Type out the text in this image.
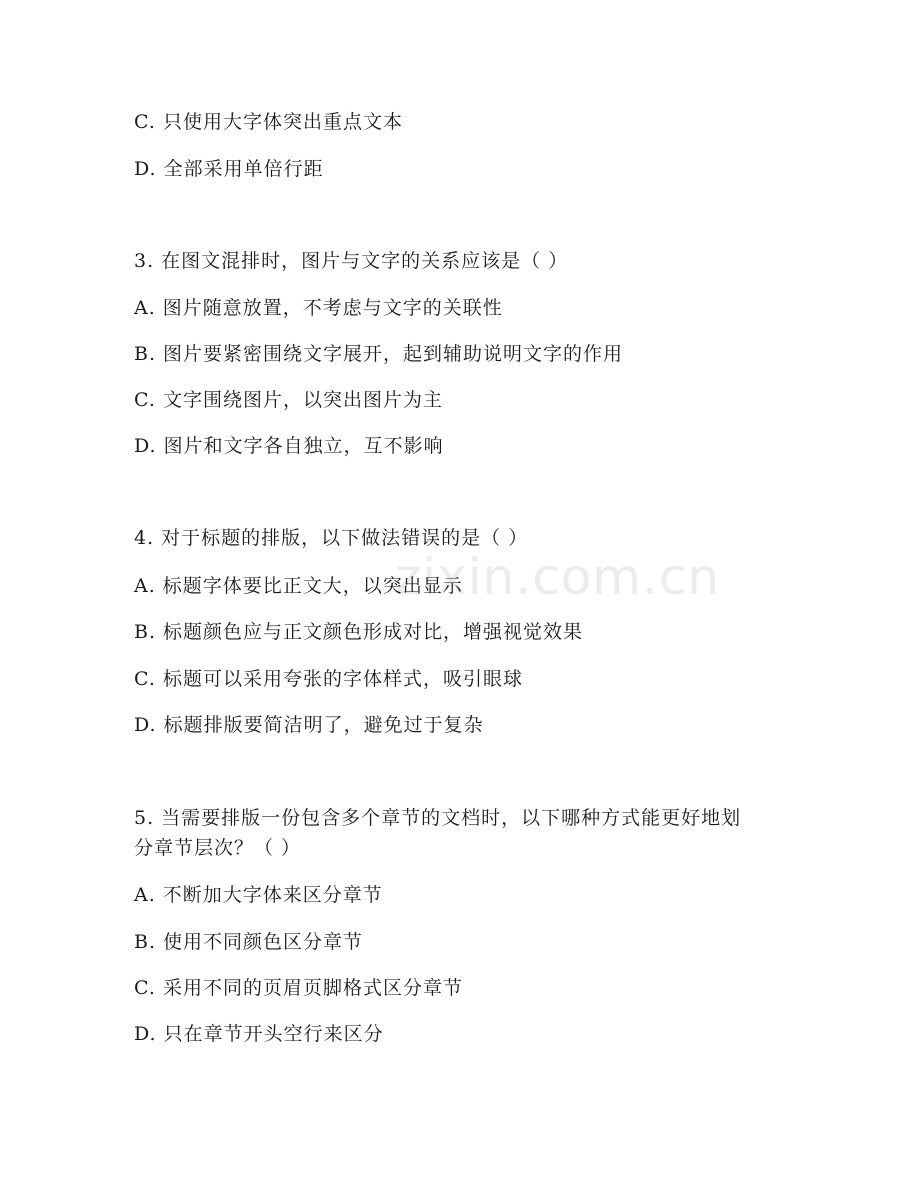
zixin.com.cn
C. 只使用大字体突出重点文本
D. 全部采用单倍行距
3. 在图文混排时，图片与文字的关系应该是（ ）
A. 图片随意放置，不考虑与文字的关联性
B. 图片要紧密围绕文字展开，起到辅助说明文字的作用
C. 文字围绕图片，以突出图片为主
D. 图片和文字各自独立，互不影响
4. 对于标题的排版，以下做法错误的是（ ）
A. 标题字体要比正文大，以突出显示
B. 标题颜色应与正文颜色形成对比，增强视觉效果
C. 标题可以采用夸张的字体样式，吸引眼球
D. 标题排版要简洁明了，避免过于复杂
5. 当需要排版一份包含多个章节的文档时，以下哪种方式能更好地划
分章节层次？（ ）
A. 不断加大字体来区分章节
B. 使用不同颜色区分章节
C. 采用不同的页眉页脚格式区分章节
D. 只在章节开头空行来区分
